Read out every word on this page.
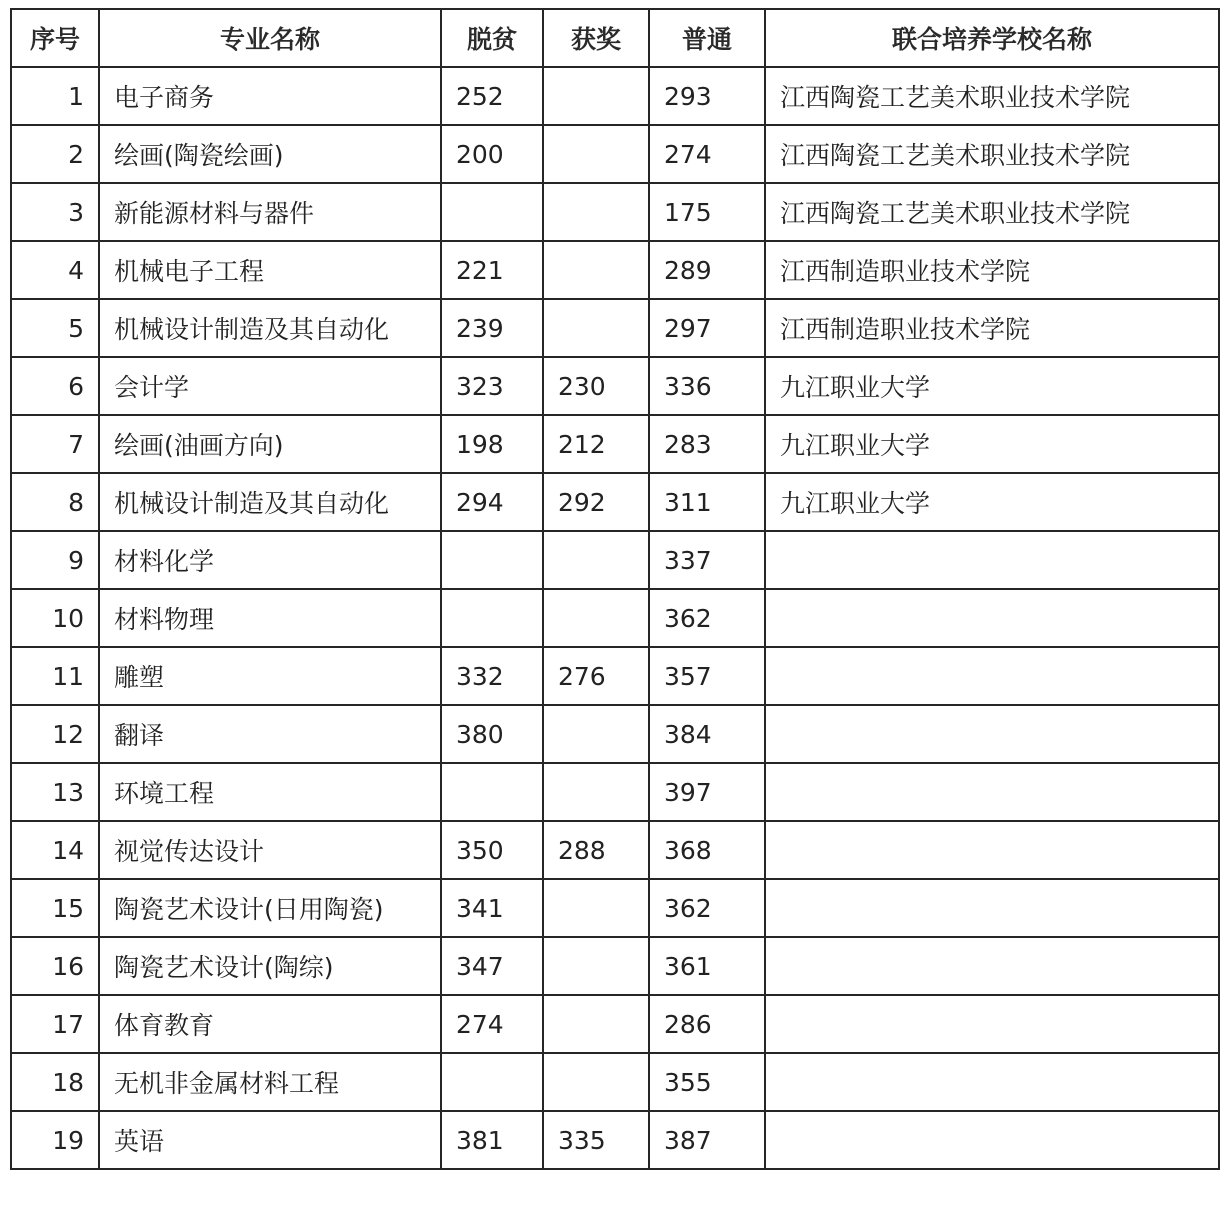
序号	专业名称	脱贫	获奖	普通	联合培养学校名称
1	电子商务	252		293	江西陶瓷工艺美术职业技术学院
2	绘画(陶瓷绘画)	200		274	江西陶瓷工艺美术职业技术学院
3	新能源材料与器件			175	江西陶瓷工艺美术职业技术学院
4	机械电子工程	221		289	江西制造职业技术学院
5	机械设计制造及其自动化	239		297	江西制造职业技术学院
6	会计学	323	230	336	九江职业大学
7	绘画(油画方向)	198	212	283	九江职业大学
8	机械设计制造及其自动化	294	292	311	九江职业大学
9	材料化学			337	
10	材料物理			362	
11	雕塑	332	276	357	
12	翻译	380		384	
13	环境工程			397	
14	视觉传达设计	350	288	368	
15	陶瓷艺术设计(日用陶瓷)	341		362	
16	陶瓷艺术设计(陶综)	347		361	
17	体育教育	274		286	
18	无机非金属材料工程			355	
19	英语	381	335	387	
